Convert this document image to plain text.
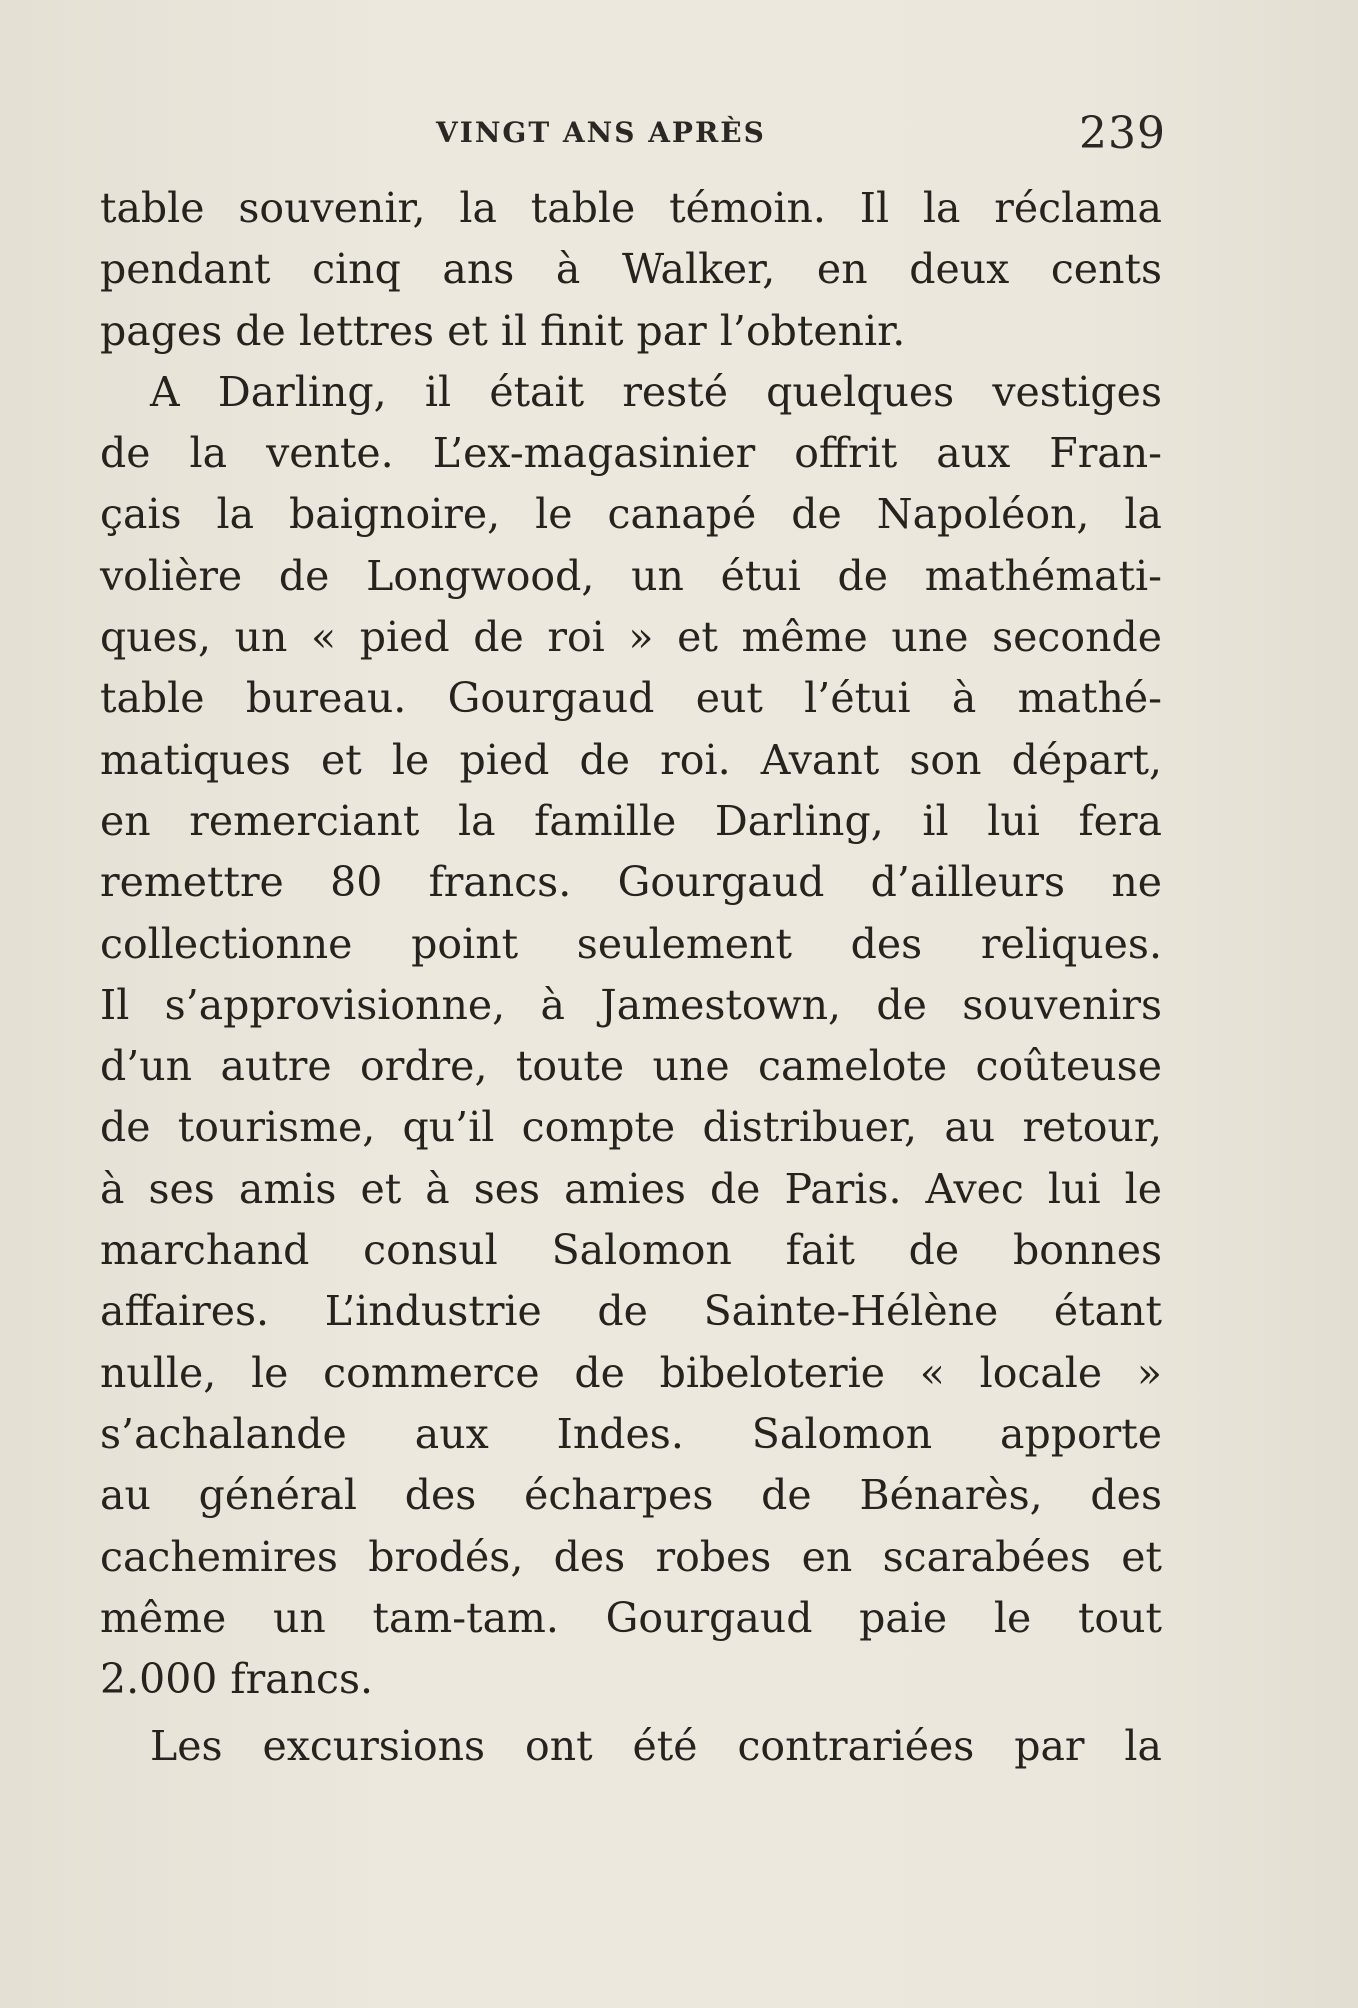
VINGT ANS APRÈS	239
table souvenir, la table témoin. Il la réclama
pendant cinq ans à Walker, en deux cents
pages de lettres et il finit par l’obtenir.
A Darling, il était resté quelques vestiges
de la vente. L’ex-magasinier offrit aux Fran-
çais la baignoire, le canapé de Napoléon, la
volière de Longwood, un étui de mathémati-
ques, un « pied de roi » et même une seconde
table bureau. Gourgaud eut l’étui à mathé-
matiques et le pied de roi. Avant son départ,
en remerciant la famille Darling, il lui fera
remettre 80 francs. Gourgaud d’ailleurs ne
collectionne point seulement des reliques.
Il s’approvisionne, à Jamestown, de souvenirs
d’un autre ordre, toute une camelote coûteuse
de tourisme, qu’il compte distribuer, au retour,
à ses amis et à ses amies de Paris. Avec lui le
marchand consul Salomon fait de bonnes
affaires. L’industrie de Sainte-Hélène étant
nulle, le commerce de bibeloterie « locale »
s’achalande aux Indes. Salomon apporte
au général des écharpes de Bénarès, des
cachemires brodés, des robes en scarabées et
même un tam-tam. Gourgaud paie le tout
2.000 francs.
Les excursions ont été contrariées par la
